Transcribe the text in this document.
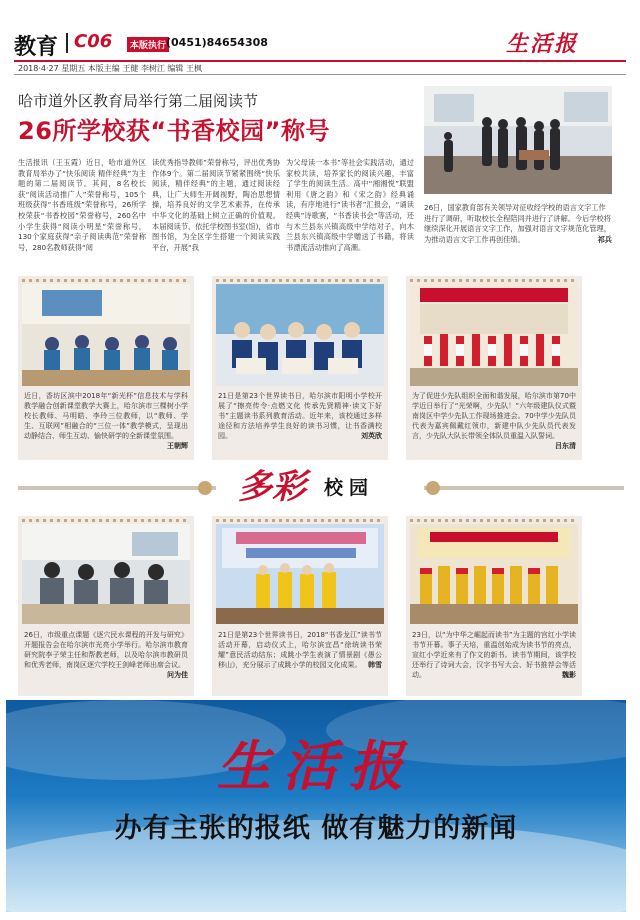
教育 C06	本版执行 (0451)84654308	生活报
2018·4·27 星期五 本版主编 王健 李树江 编辑 王枫
哈市道外区教育局举行第二届阅读节
26所学校获“书香校园”称号
生活报讯（王玉霞）近日，哈市道外区教育局举办了“快乐阅读 精伴经典”为主题的第二届阅读节。其间，8名校长获“阅读活动推广人”荣誉称号，105个班级获得“书香班级”荣誉称号，26所学校荣获“书香校园”荣誉称号，260名中小学生获得“阅读小明星”荣誉称号，130个家庭获得“亲子阅读典范”荣誉称号，280名教师获得“阅
读优秀指导教师”荣誉称号，评出优秀协作体9个。第二届阅读节紧紧围绕“快乐阅读，精伴经典”的主题，通过阅读经典，让广大师生开阔视野，陶冶思想情操，培养良好的文学艺术素养，在传承中华文化的基础上树立正确的价值观。本届阅读节，依托学校图书室(馆)，省市图书馆，为全区学生搭建一个阅读实践平台，开展“我
为父母读一本书”等社会实践活动，通过家校共读，培养家长的阅读兴趣，丰富了学生的阅读生活。高中“湘湘悦”联盟利用《唐之韵》和《宋之韵》经典诵读，有序地进行“读书者”汇报会，“诵读经典”诗歌赛，“书香读书会”等活动，还与木兰县东兴镇高级中学结对子，向木兰县东兴镇高级中学赠送了书籍，将读书漂流活动推向了高潮。
26日，国家教育部有关领导对征收经学校的语言文字工作进行了调研，听取校长全程陪同并进行了讲解。今后学校将继续深化开展语言文字工作，加强对语言文字规范化管理，为推动语言文字工作再创佳绩。	祁兵
近日，香坊区滨中2018年“新光杯”信息技术与学科教学融合创新课堂教学大赛上，哈尔滨市三棵树小学校长教师、马明皓、李玲三位教师，以“教师、学生、互联网”相融合的“三位一体”教学模式，呈现出动静结合、师生互动、愉快研学的全新课堂氛围。
王朝辉
21日是第23个世界读书日，哈尔滨市阳明小学校开展了“擦亮传令·点燃文化 传承先贤精神·读文下好书”主题读书系列教育活动。近年来，该校通过多样途径和方法培养学生良好的读书习惯，让书香满校园。	刘英欣
为了促进少先队组织全面和谐发展，哈尔滨市第70中学近日举行了“光荣啊，少先队！”六年级建队仪式暨南岗区中学少先队工作现场推进会。70中学少先队员代表为嘉宾佩戴红领巾，新建中队少先队员代表发言，少先队大队长带领全体队员重温入队誓词。
吕东清
多彩 校园
26日，市级重点课题《逐穴民水课程的开发与研究》开题报告会在哈尔滨市光亮小学举行。哈尔滨市教育研究院李子荣主任和帮教老师，以及哈尔滨市教研员和优秀老师，南岗区逐穴学校王剑峰老师出席会议。
问为佳
21日是第23个世界读书日，2018“书香龙江”读书节活动开幕，启动仪式上，哈尔滨宜昌“徐统读书荣耀”意民活动结东；成跳小学生表演了情景剧《愚公移山》，充分展示了成跳小学的校园文化成果。 韩雪
23日，以“为中华之崛起而读书”为主题的宫红小学读书节开幕。事子天培，重温创始成为读书节的亮点，宣红小学近来有了作文的新书。读书节期间，该学校还举行了诗词大会，汉字书写大会、好书推荐会等活动。	魏影
生活报
办有主张的报纸 做有魅力的新闻
